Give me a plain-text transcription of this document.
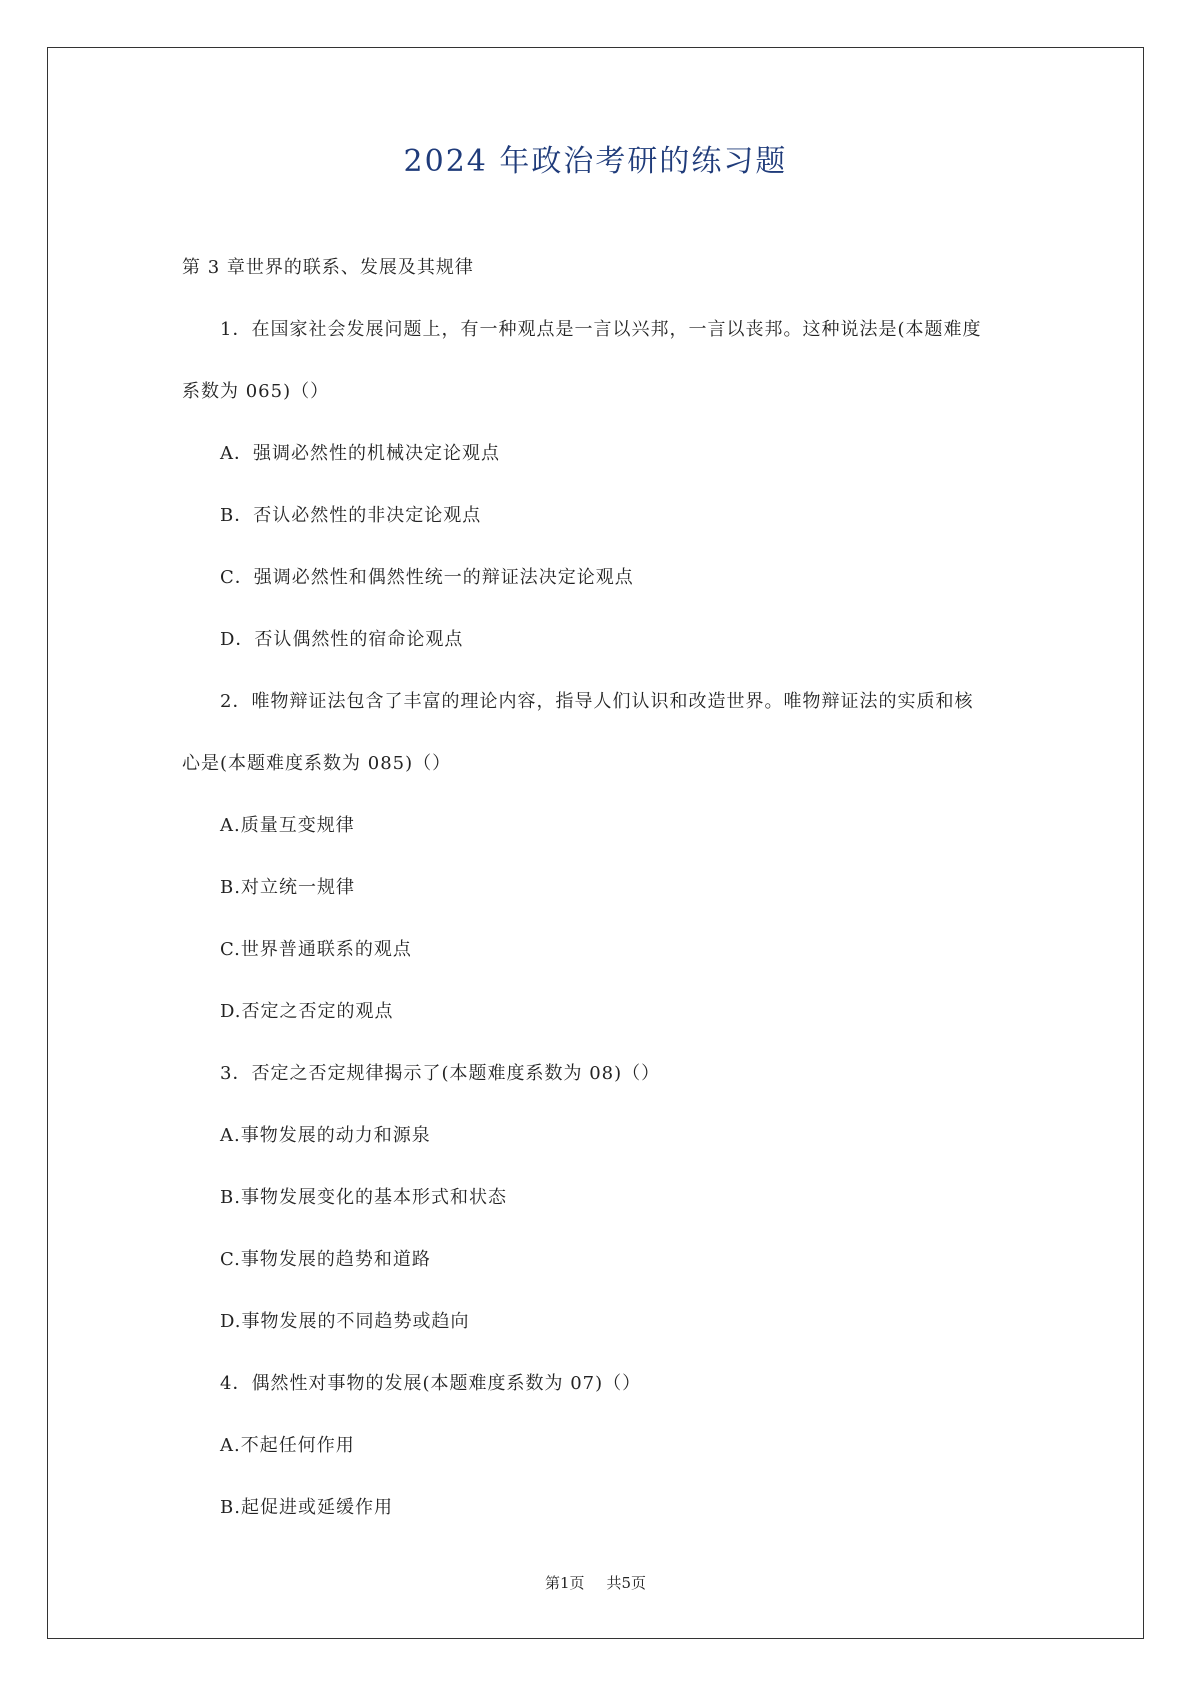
2024 年政治考研的练习题
第 3 章世界的联系、发展及其规律
1．在国家社会发展问题上，有一种观点是一言以兴邦，一言以丧邦。这种说法是(本题难度
系数为 065)（）
A．强调必然性的机械决定论观点
B．否认必然性的非决定论观点
C．强调必然性和偶然性统一的辩证法决定论观点
D．否认偶然性的宿命论观点
2．唯物辩证法包含了丰富的理论内容，指导人们认识和改造世界。唯物辩证法的实质和核
心是(本题难度系数为 085)（）
A.质量互变规律
B.对立统一规律
C.世界普通联系的观点
D.否定之否定的观点
3．否定之否定规律揭示了(本题难度系数为 08)（）
A.事物发展的动力和源泉
B.事物发展变化的基本形式和状态
C.事物发展的趋势和道路
D.事物发展的不同趋势或趋向
4．偶然性对事物的发展(本题难度系数为 07)（）
A.不起任何作用
B.起促进或延缓作用
第1页 共5页
